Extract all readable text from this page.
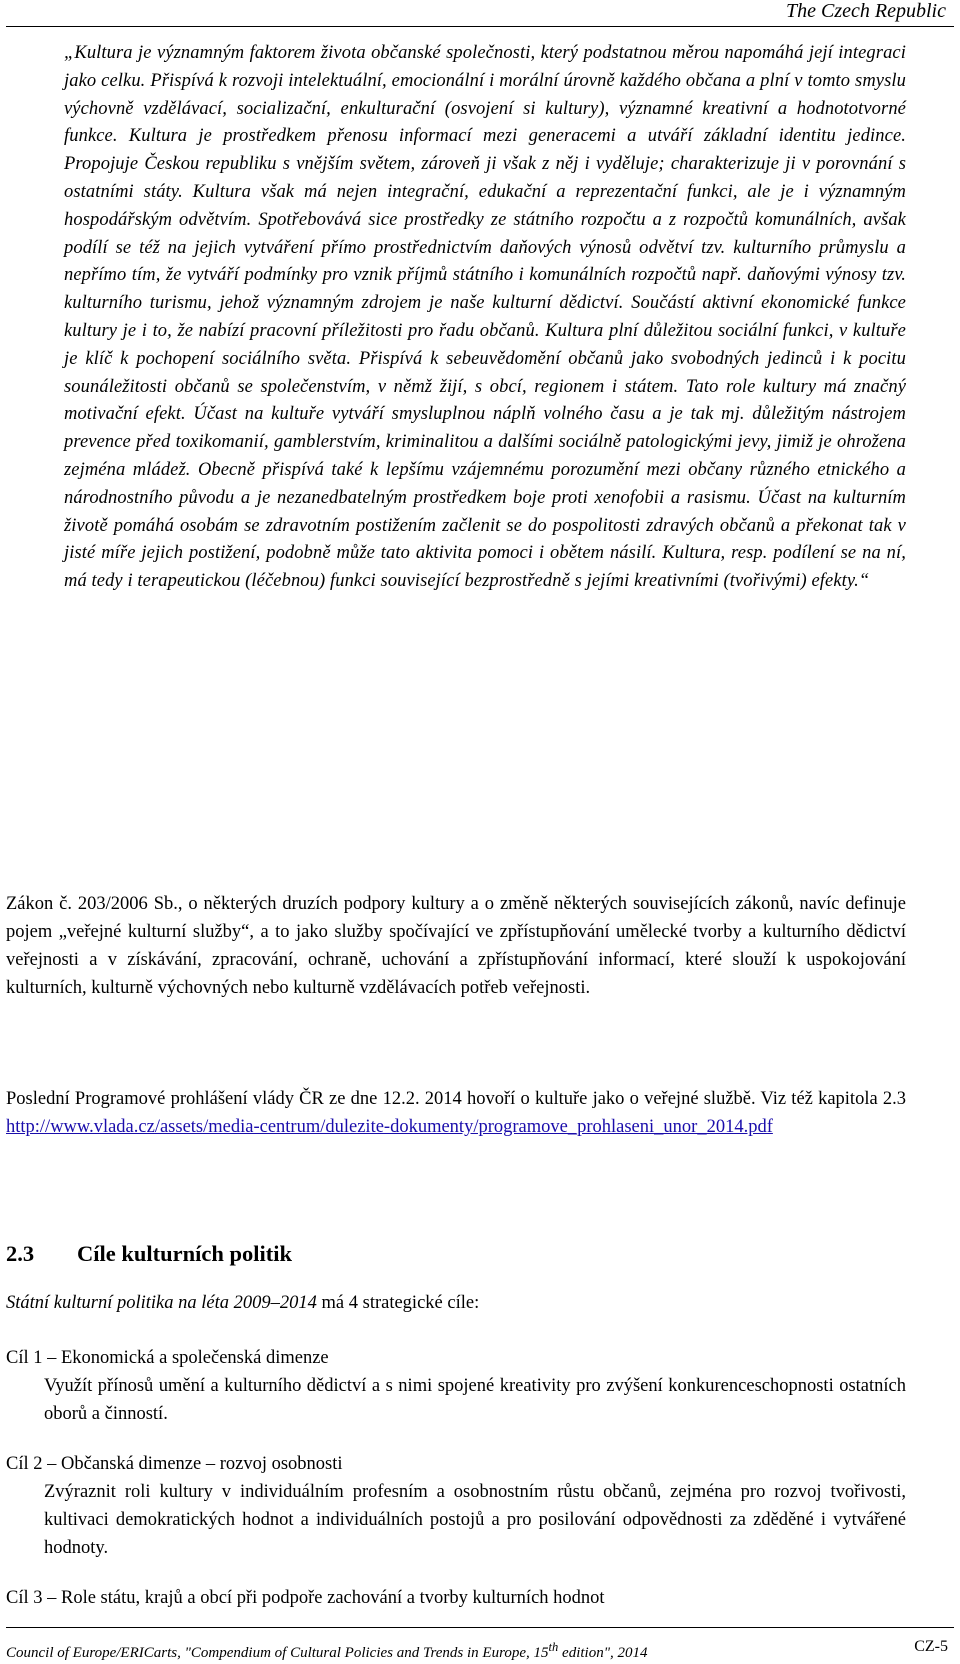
The Czech Republic
„Kultura je významným faktorem života občanské společnosti, který podstatnou měrou napomáhá její integraci jako celku. Přispívá k rozvoji intelektuální, emocionální i morální úrovně každého občana a plní v tomto smyslu výchovně vzdělávací, socializační, enkulturační (osvojení si kultury), významné kreativní a hodnototvorné funkce. Kultura je prostředkem přenosu informací mezi generacemi a utváří základní identitu jedince. Propojuje Českou republiku s vnějším světem, zároveň ji však z něj i vyděluje; charakterizuje ji v porovnání s ostatními státy. Kultura však má nejen integrační, edukační a reprezentační funkci, ale je i významným hospodářským odvětvím. Spotřebovává sice prostředky ze státního rozpočtu a z rozpočtů komunálních, avšak podílí se též na jejich vytváření přímo prostřednictvím daňových výnosů odvětví tzv. kulturního průmyslu a nepřímo tím, že vytváří podmínky pro vznik příjmů státního i komunálních rozpočtů např. daňovými výnosy tzv. kulturního turismu, jehož významným zdrojem je naše kulturní dědictví. Součástí aktivní ekonomické funkce kultury je i to, že nabízí pracovní příležitosti pro řadu občanů. Kultura plní důležitou sociální funkci, v kultuře je klíč k pochopení sociálního světa. Přispívá k sebeuvědomění občanů jako svobodných jedinců i k pocitu sounáležitosti občanů se společenstvím, v němž žijí, s obcí, regionem i státem. Tato role kultury má značný motivační efekt. Účast na kultuře vytváří smysluplnou náplň volného času a je tak mj. důležitým nástrojem prevence před toxikomanií, gamblerstvím, kriminalitou a dalšími sociálně patologickými jevy, jimiž je ohrožena zejména mládež. Obecně přispívá také k lepšímu vzájemnému porozumění mezi občany různého etnického a národnostního původu a je nezanedbatelným prostředkem boje proti xenofobii a rasismu. Účast na kulturním životě pomáhá osobám se zdravotním postižením začlenit se do pospolitosti zdravých občanů a překonat tak v jisté míře jejich postižení, podobně může tato aktivita pomoci i obětem násilí. Kultura, resp. podílení se na ní, má tedy i terapeutickou (léčebnou) funkci související bezprostředně s jejími kreativními (tvořivými) efekty.“
Zákon č. 203/2006 Sb., o některých druzích podpory kultury a o změně některých souvisejících zákonů, navíc definuje pojem „veřejné kulturní služby“, a to jako služby spočívající ve zpřístupňování umělecké tvorby a kulturního dědictví veřejnosti a v získávání, zpracování, ochraně, uchování a zpřístupňování informací, které slouží k uspokojování kulturních, kulturně výchovných nebo kulturně vzdělávacích potřeb veřejnosti.
Poslední Programové prohlášení vlády ČR ze dne 12.2. 2014 hovoří o kultuře jako o veřejné službě. Viz též kapitola 2.3 http://www.vlada.cz/assets/media-centrum/dulezite-dokumenty/programove_prohlaseni_unor_2014.pdf
2.3 Cíle kulturních politik
Státní kulturní politika na léta 2009–2014 má 4 strategické cíle:
Cíl 1 – Ekonomická a společenská dimenze
Využít přínosů umění a kulturního dědictví a s nimi spojené kreativity pro zvýšení konkurenceschopnosti ostatních oborů a činností.
Cíl 2 – Občanská dimenze – rozvoj osobnosti
Zvýraznit roli kultury v individuálním profesním a osobnostním růstu občanů, zejména pro rozvoj tvořivosti, kultivaci demokratických hodnot a individuálních postojů a pro posilování odpovědnosti za zděděné i vytvářené hodnoty.
Cíl 3 – Role státu, krajů a obcí při podpoře zachování a tvorby kulturních hodnot
Council of Europe/ERICarts, "Compendium of Cultural Policies and Trends in Europe, 15th edition", 2014	CZ-5
